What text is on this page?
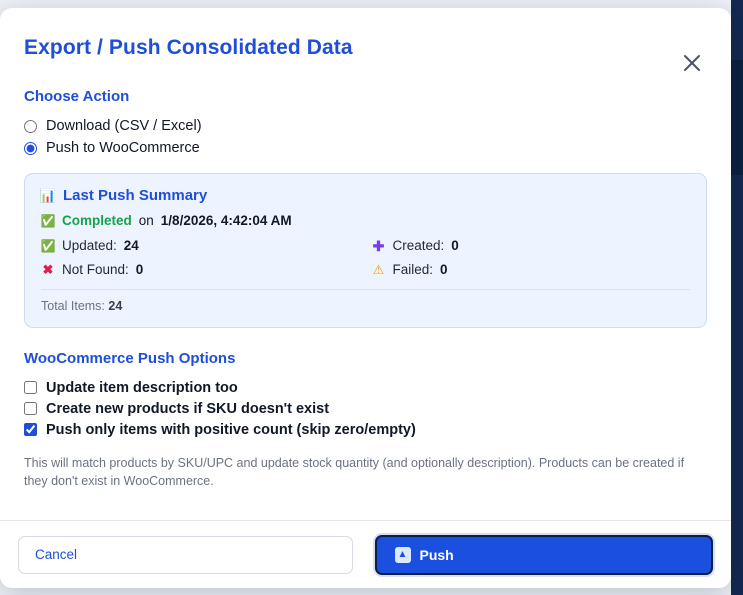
Export / Push Consolidated Data
Choose Action
Download (CSV / Excel)
Push to WooCommerce
📊 Last Push Summary
✅ Completed on 1/8/2026, 4:42:04 AM
✅ Updated: 24	✚ Created: 0
✖ Not Found: 0	⚠ Failed: 0
Total Items: 24
WooCommerce Push Options
Update item description too
Create new products if SKU doesn't exist
Push only items with positive count (skip zero/empty)
This will match products by SKU/UPC and update stock quantity (and optionally description). Products can be created if they don't exist in WooCommerce.
Cancel	▲ Push
